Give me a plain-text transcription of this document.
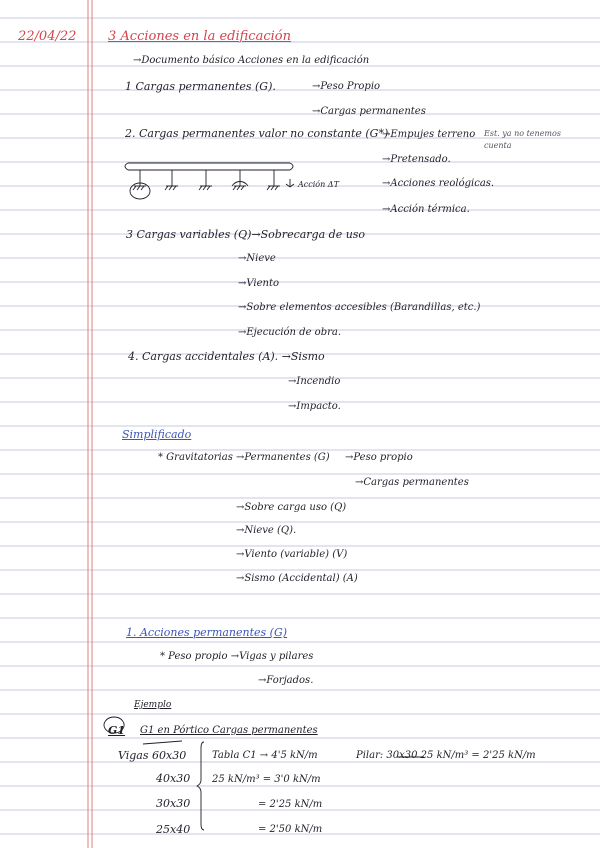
22/04/22 3 Acciones en la edificación
→Documento básico Acciones en la edificación
1 Cargas permanentes (G).	→Peso Propio
→Cargas permanentes
2. Cargas permanentes valor no constante (G*)
→Empujes terreno Est. ya no tenemos cuenta
→Pretensado.
→Acciones reológicas.
Acción ΔT
→Acción térmica.
3 Cargas variables (Q)→Sobrecarga de uso
→Nieve
→Viento
→Sobre elementos accesibles (Barandillas, etc.)
→Ejecución de obra.
4. Cargas accidentales (A). →Sismo
→Incendio
→Impacto.
Simplificado
* Gravitatorias →Permanentes (G) →Peso propio
→Cargas permanentes
→Sobre carga uso (Q)
→Nieve (Q).
→Viento (variable) (V)
→Sismo (Accidental) (A)
1. Acciones permanentes (G)
* Peso propio →Vigas y pilares
→Forjados.
Ejemplo
G1 G1 en Pórtico Cargas permanentes
Vigas 60x30	Tabla C1 → 4'5 kN/m	Pilar: 30x30 25 kN/m³ = 2'25 kN/m
40x30 25 kN/m³ = 3'0 kN/m
30x30	= 2'25 kN/m
25x40	= 2'50 kN/m
